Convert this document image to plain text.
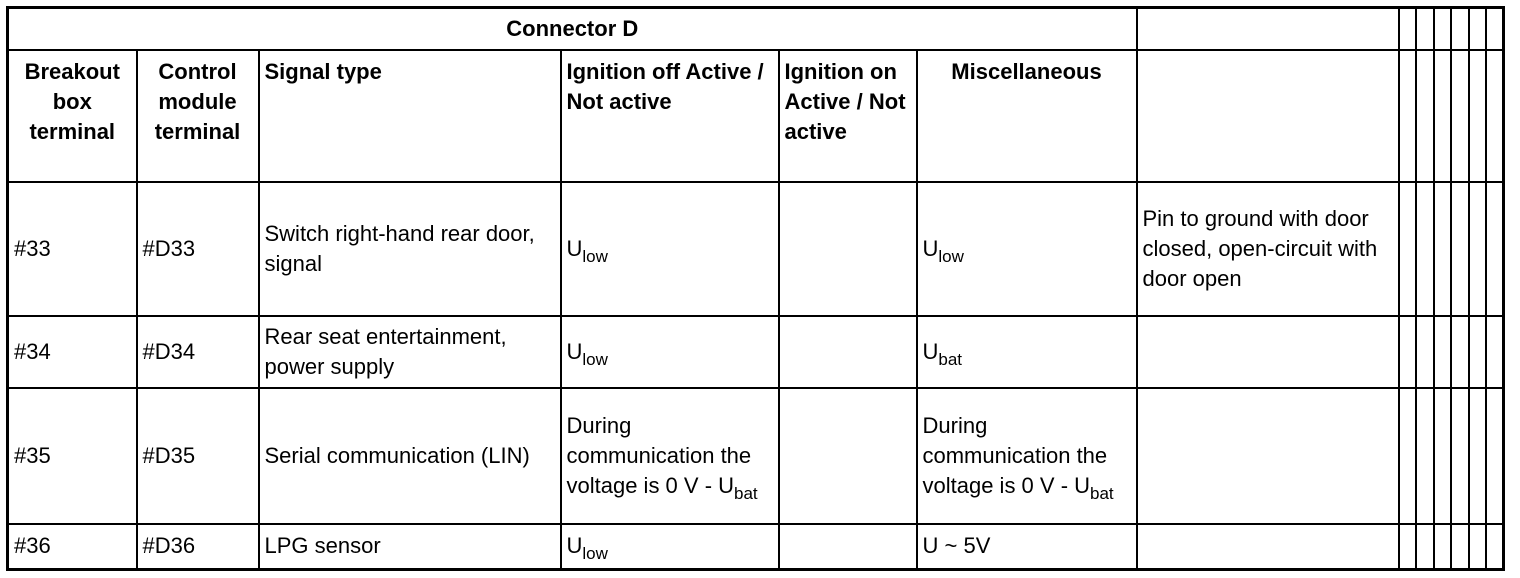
Connector D												
Breakout box terminal	Control module terminal	Signal type	Ignition off Active / Not active	Ignition on Active / Not active	Miscellaneous							
#33	#D33	Switch right-hand rear door, signal	$U_{low}$		$U_{low}$	Pin to ground with door closed, open-circuit with door open						
#34	#D34	Rear seat entertainment, power supply	$U_{low}$		$U_{bat}$							
#35	#D35	Serial communication (LIN)	During communication the voltage is 0 V - $U_{bat}$		During communication the voltage is 0 V - $U_{bat}$							
#36	#D36	LPG sensor	$U_{low}$		U ~ 5V							
